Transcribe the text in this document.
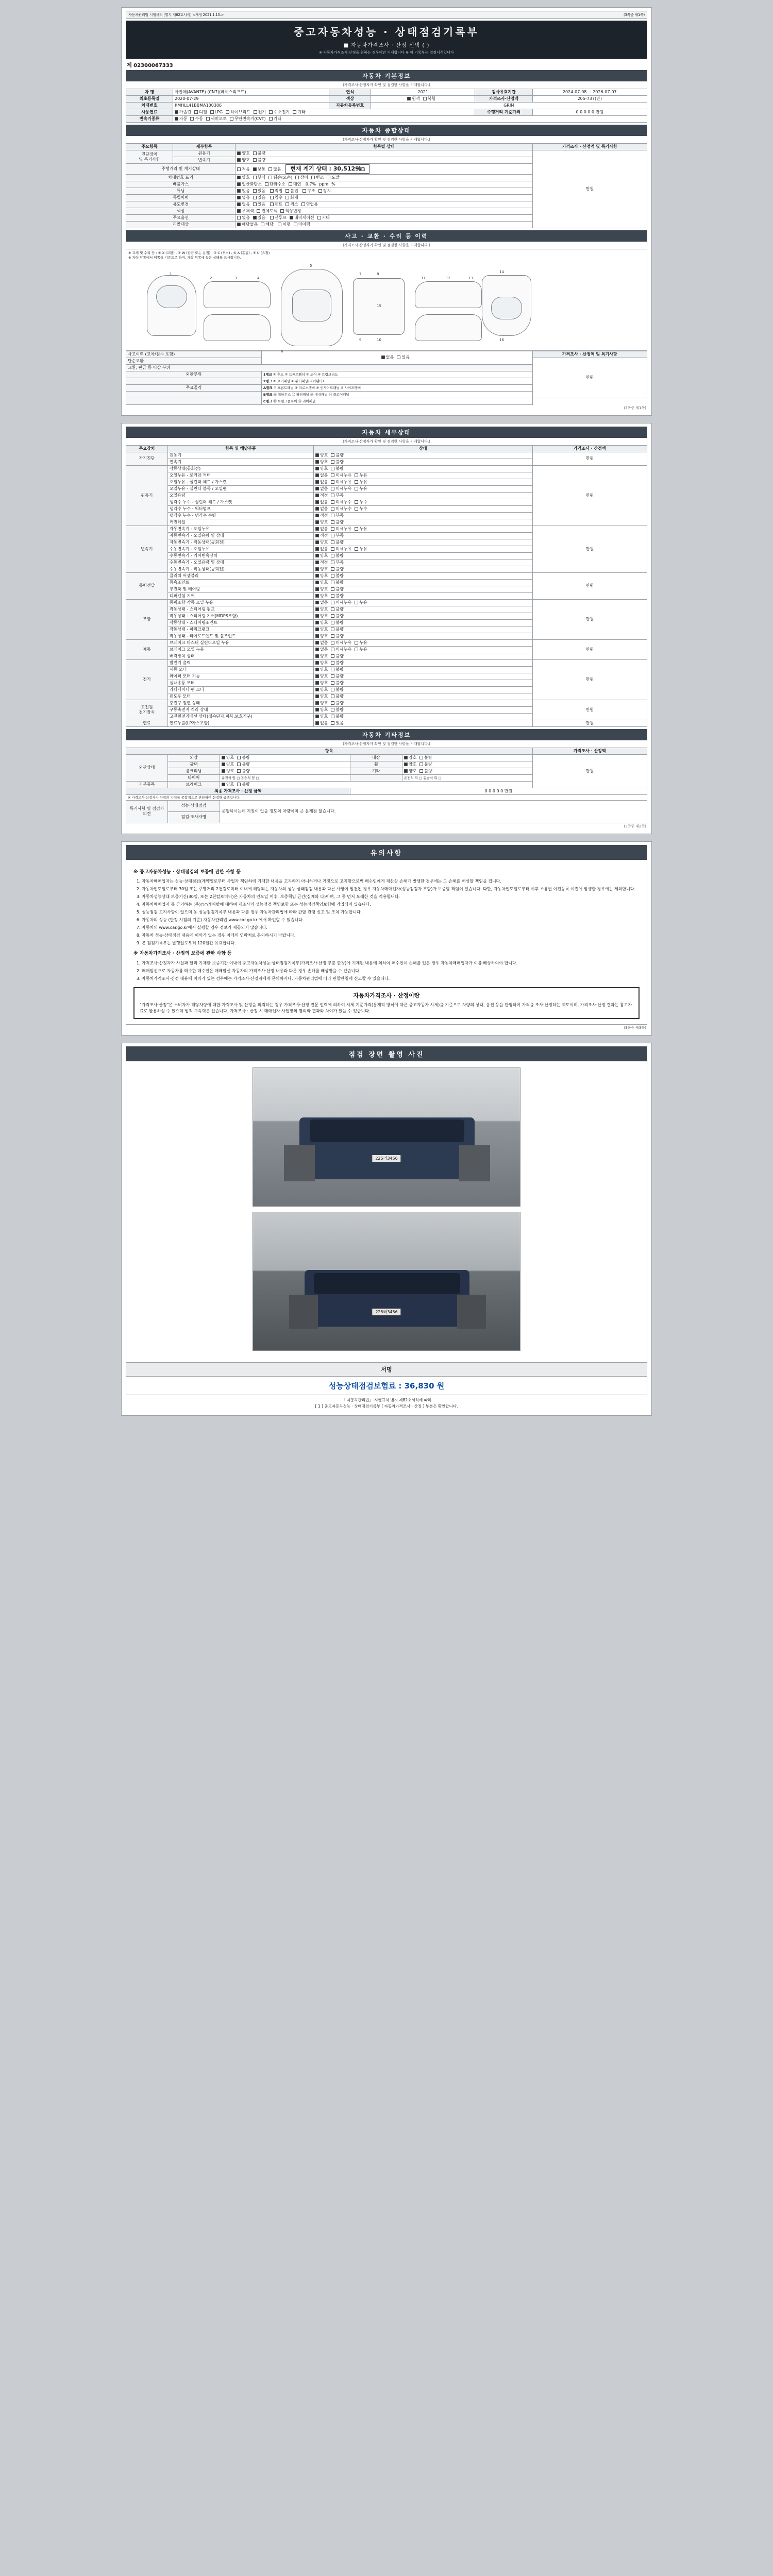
자동차관리법 시행규칙 [별지 제82호서식] <개정 2021.1.15.>	(3쪽중 제1쪽)
중고자동차성능 · 상태점검기록부
■ 자동차가격조사 · 산정 선택 ( )
※ 자동차가격조사·산정을 원하는 경우에만 기재합니다 ※ 이 기록부는 법정서식입니다
제 02300067333
자동차 기본정보
(가격조사·산정자가 확인 및 점검한 사항을 기재합니다.)
차 명	아반떼(AVANTE) (CN7)(페이스리프트)	연식	2021	검사유효기간	2024-07-08 ~ 2026-07-07
최초등록일	2020-07-29	색상	원색 복합	가격조사·산정액	205-737(만)
차대번호	KMHLL41BBMA100306	자동차등록번호	GRIM		
사용연료	가솔린 디젤 LPG 하이브리드 전기 수소전기 기타			주행거리 기준가격	0 0 0 0 0 만원
변속기종류	자동 수동 세미오토 무단변속기(CVT) 기타				
자동차 종합상태
(가격조사·산정자가 확인 및 점검한 사항을 기재합니다.)
주요항목	세부항목	항목별 상태	가격조사 · 산정액 및 특기사항
진단장치
및 특기사항	원동기	양호 불량	만원
	변속기	양호 불량	
주행거리 및 계기상태		적음 보통 많음 현재 계기 상태 : 30,5129㎞	
차대번호 표기		양호 부식 훼손(오손) 상이 변조 도말	
배출가스		일산화탄소 탄화수소 매연 0.7% ppm %	
튜닝		없음 있음 적법 불법 구조 장치	
특별이력		없음 있음 침수 화재	
용도변경		없음 있음 렌트 리스 영업용	
색상		무채색 전체도색 색상변경	
주요옵션		없음 있음 선루프 내비게이션 기타	
리콜대상		해당없음 해당 이행 미이행	
사고 · 교환 · 수리 등 이력
(가격조사·산정자가 확인 및 점검한 사항을 기재합니다.)
※ 교체 및 수리 등 : ① X (교환) , ② W (판금 또는 용접) , ③ C (부식) , ④ A (흠집) , ⑤ U (요철)
※ 차량 앞쪽에서 뒤쪽을 기준으로 하며, 가장 위쪽에 높은 상태를 표시합니다.
1
2	3	4
5
6
7	8
9	10
11	12	13
14
15
16
사고이력 (교차/침수 포함)	없음 있음	가격조사 · 산정액 및 특기사항
단순교환		만원
교환, 판금 등 이상 부위		
외판부위	1랭크 ① 후드 ② 프론트휀더 ③ 도어 ④ 트렁크리드	
	2랭크 ⑤ 로커패널 ⑥ 쿼터패널(리어휀더)	
주요골격	A랭크 ⑦ 프론트패널 ⑧ 크로스멤버 ⑨ 인사이드패널 ⑩ 사이드멤버	
	B랭크 ⑪ 휠하우스 ⑫ 필러패널 ⑬ 대쉬패널 ⑭ 플로어패널	
	C랭크 ⑮ 트렁크플로어 ⑯ 리어패널	
(3쪽중 제1쪽)
자동차 세부상태
(가격조사·산정자가 확인 및 점검한 사항을 기재합니다.)
주요장치	항목 및 해당부품	상태	가격조사 · 산정액
자기진단	원동기	양호 불량	만원
	변속기	양호 불량	
원동기	작동상태(공회전)	양호 불량	만원
	오일누유 - 로커암 커버	없음 미세누유 누유	
	오일누유 - 실린더 헤드 / 가스켓	없음 미세누유 누유	
	오일누유 - 실린더 블록 / 오일팬	없음 미세누유 누유	
	오일유량	적정 부족	
	냉각수 누수 - 실린더 헤드 / 가스켓	없음 미세누수 누수	
	냉각수 누수 - 워터펌프	없음 미세누수 누수	
	냉각수 누수 - 냉각수 수량	적정 부족	
	커먼레일	양호 불량	
변속기	자동변속기 - 오일누유	없음 미세누유 누유	만원
	자동변속기 - 오일유량 및 상태	적정 부족	
	자동변속기 - 작동상태(공회전)	양호 불량	
	수동변속기 - 오일누유	없음 미세누유 누유	
	수동변속기 - 기어변속장치	양호 불량	
	수동변속기 - 오일유량 및 상태	적정 부족	
	수동변속기 - 작동상태(공회전)	양호 불량	
동력전달	클러치 어셈블리	양호 불량	만원
	등속조인트	양호 불량	
	추진축 및 베어링	양호 불량	
	디퍼렌셜 기어	양호 불량	
조향	동력조향 작동 오일 누유	없음 미세누유 누유	만원
	작동상태 - 스티어링 펌프	양호 불량	
	작동상태 - 스티어링 기어(MDPS포함)	양호 불량	
	작동상태 - 스티어링조인트	양호 불량	
	작동상태 - 파워크랭크	양호 불량	
	작동상태 - 타이로드엔드 및 볼조인트	양호 불량	
제동	브레이크 마스터 실린더오일 누유	없음 미세누유 누유	만원
	브레이크 오일 누유	없음 미세누유 누유	
	배력장치 상태	양호 불량	
전기	발전기 출력	양호 불량	만원
	시동 모터	양호 불량	
	와이퍼 모터 기능	양호 불량	
	실내송풍 모터	양호 불량	
	라디에이터 팬 모터	양호 불량	
	윈도우 모터	양호 불량	
고전원
전기장치	충전구 절연 상태	양호 불량	만원
	구동축전지 격리 상태	양호 불량	
	고전원전기배선 상태(접속단자,피복,보호기구)	양호 불량	
연료	연료누출(LP가스포함)	없음 있음	만원
자동차 기타정보
(가격조사·산정자가 확인 및 점검한 사항을 기재합니다.)
항목					가격조사 · 산정액
외관상태	외장	양호 불량	내장	양호 불량	만원
	광택	양호 불량	휠	양호 불량	
	룸크리닝	양호 불량	기타	양호 불량	
	타이어	운전석 앞 □ 동승석 앞 □		운전석 뒤 □ 동승석 뒤 □	
기본품목	브레이크	양호 불량			
최종 가격조사 · 산정 금액			0 0 0 0 0 만원		
※ 가격조사·산정자가 차량의 가치를 종합적으로 판단하여 산정한 금액입니다.					
특기사항 및 점검자의견	성능·상태점검	운행하시는데 지장이 없을 정도의 차량이며 큰 문제점 없습니다.			
	점검·조사자명				
(3쪽중 제2쪽)
유의사항
※ 중고자동차성능 · 상태점검의 보증에 관한 사항 등
1. 자동차매매업자는 성능·상태점검(계약일로부터 사업자 책임하에 기재한 내용을 고지하지 아니하거나 거짓으로 고지함으로써 매수인에게 재산상 손해가 발생한 경우에는 그 손해를 배상할 책임을 집니다.
2. 자동차인도일로부터 30일 또는 주행거리 2천킬로미터 이내에 해당되는 자동차의 성능·상태점검 내용과 다른 사항이 발견된 경우 자동차매매업자(성능점검자 포함)가 보증할 책임이 있습니다. 다만, 자동차인도일로부터 이후 소유권 이전등록 이전에 발생한 경우에는 제외합니다.
3. 자동차성능상태 보증기간(30일, 또는 2천킬로미터)은 자동차의 인도일 이후, 보증책임 근간(실제와 다)이며, 그 중 먼저 도래한 것을 적용합니다.
4. 자동차매매업자 등 근거하는 (주)○○캐피탈에 대하여 제조사의 성능점검 책임보험 또는 성능점검책임보험에 가입되어 있습니다.
5. 성능점검 고지사항이 없으며 동 성능점검기록부 내용과 다를 경우 자동차관리법에 따라 관할 관청 신고 및 조치 가능합니다.
6. 자동차의 성능 (판정 시점의 기준) 자동차관리법 www.car.go.kr 에서 확인할 수 있습니다.
7. 자동차의 www.car.go.kr에서 실행할 경우 정보가 제공되지 않습니다.
8. 자동차 성능·상태점검 내용에 이의가 있는 경우 아래의 연락처로 문의하시기 바랍니다.
9. 본 점검기록부는 발행일로부터 120일간 유효합니다.
※ 자동차가격조사 · 산정의 보증에 관한 사항 등
1. 가격조사·산정자가 사실과 달리 기재한 보증기간 이내에 중고자동차성능·상태점검기록부(가격조사·산정 부분 한정)에 기재된 내용에 의하여 매수인이 손해를 입은 경우 자동차매매업자가 이를 배상하여야 합니다.
2. 매매알선으로 자동차를 매수한 매수인은 매매알선 자동차의 가격조사·산정 내용과 다른 경우 손해를 배상받을 수 있습니다.
3. 자동차가격조사·산정 내용에 이의가 있는 경우에는 가격조사·산정자에게 문의하거나, 자동차관리법에 따라 관할관청에 신고할 수 있습니다.
자동차가격조사 · 산정이란
"가격조사·산정"은 소비자가 해당차량에 대한 가격조사 및 산정을 의뢰하는 경우 가격조사·산정 전문 인력에 의하여 시세 기준가격(통계적 방식에 따른 중고자동차 시세)을 기준으로 차량의 상태, 옵션 등을 반영하여 가격을 조사·산정하는 제도이며, 가격조사·산정 결과는 참고자료로 활용하실 수 있으며 법적 구속력은 없습니다. 가격조사 · 산정 시 매매업자 사업장의 명의와 결과와 차이가 있을 수 있습니다.
(3쪽중 제3쪽)
점검 장면 촬영 사진
225러3456
225러3456
서명
성능상태점검보험료 : 36,830 원
「 자동차관리법」 시행규칙 별지 제82호서식에 따라
[ 1 ] 중고자동차성능 · 상태점검기록부 [ 자동차가격조사 · 산정 ] 부분은 확인합니다.
